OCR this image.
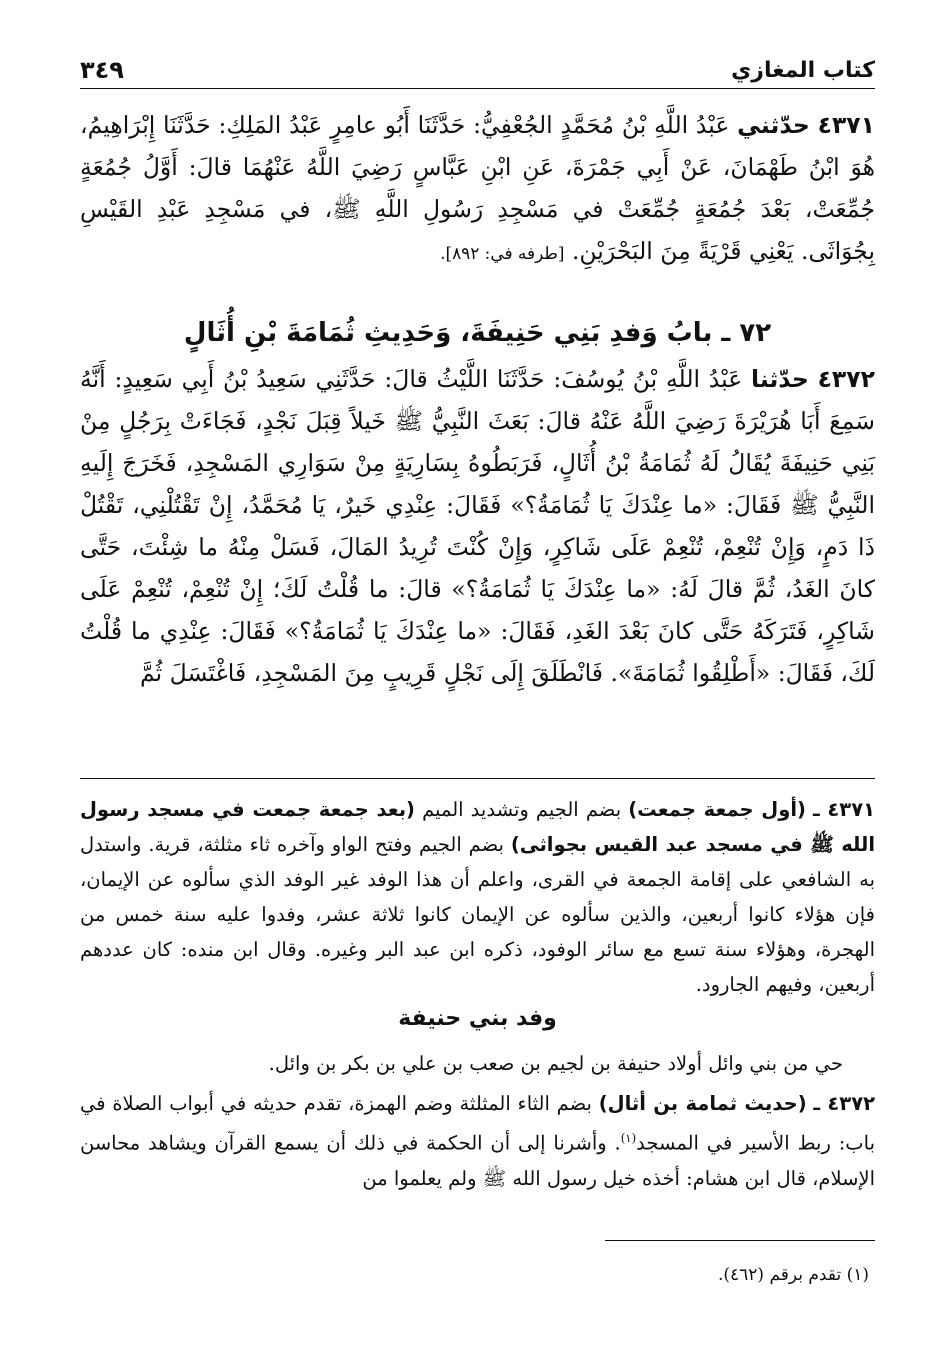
كتاب المغازي
٣٤٩

٤٣٧١ حدّثني عَبْدُ اللَّهِ بْنُ مُحَمَّدٍ الجُعْفِيُّ: حَدَّثَنَا أَبُو عامِرٍ عَبْدُ المَلِكِ: حَدَّثَنَا إِبْرَاهِيمُ، هُوَ ابْنُ طَهْمَانَ، عَنْ أَبِي جَمْرَةَ، عَنِ ابْنِ عَبَّاسٍ رَضِيَ اللَّهُ عَنْهُمَا قالَ: أَوَّلُ جُمُعَةٍ جُمِّعَتْ، بَعْدَ جُمُعَةٍ جُمِّعَتْ في مَسْجِدِ رَسُولِ اللَّهِ ﷺ، في مَسْجِدِ عَبْدِ القَيْسِ بِجُوَاثَى. يَعْنِي قَرْيَةً مِنَ البَحْرَيْنِ. [طرفه في: ٨٩٢].

٧٢ ـ بابُ وَفدِ بَنِي حَنِيفَةَ، وَحَدِيثِ ثُمَامَةَ بْنِ أُثَالٍ

٤٣٧٢ حدّثنا عَبْدُ اللَّهِ بْنُ يُوسُفَ: حَدَّثَنَا اللَّيْثُ قالَ: حَدَّثَنِي سَعِيدُ بْنُ أَبِي سَعِيدٍ: أَنَّهُ سَمِعَ أَبَا هُرَيْرَةَ رَضِيَ اللَّهُ عَنْهُ قالَ: بَعَثَ النَّبِيُّ ﷺ خَيلاً قِبَلَ نَجْدٍ، فَجَاءَتْ بِرَجُلٍ مِنْ بَنِي حَنِيفَةَ يُقَالُ لَهُ ثُمَامَةُ بْنُ أُثَالٍ، فَرَبَطُوهُ بِسَارِيَةٍ مِنْ سَوَارِي المَسْجِدِ، فَخَرَجَ إِلَيهِ النَّبِيُّ ﷺ فَقَالَ: «ما عِنْدَكَ يَا ثُمَامَةُ؟» فَقَالَ: عِنْدِي خَيرٌ، يَا مُحَمَّدُ، إِنْ تَقْتُلْنِي، تَقْتُلْ ذَا دَمٍ، وَإِنْ تُنْعِمْ، تُنْعِمْ عَلَى شَاكِرٍ، وَإِنْ كُنْتَ تُرِيدُ المَالَ، فَسَلْ مِنْهُ ما شِئْتَ، حَتَّى كانَ الغَدُ، ثُمَّ قالَ لَهُ: «ما عِنْدَكَ يَا ثُمَامَةُ؟» قالَ: ما قُلْتُ لَكَ؛ إِنْ تُنْعِمْ، تُنْعِمْ عَلَى شَاكِرٍ، فَتَرَكَهُ حَتَّى كانَ بَعْدَ الغَدِ، فَقَالَ: «ما عِنْدَكَ يَا ثُمَامَةُ؟» فَقَالَ: عِنْدِي ما قُلْتُ لَكَ، فَقَالَ: «أَطْلِقُوا ثُمَامَةَ». فَانْطَلَقَ إِلَى نَجْلٍ قَرِيبٍ مِنَ المَسْجِدِ، فَاغْتَسَلَ ثُمَّ

٤٣٧١ ـ (أول جمعة جمعت) بضم الجيم وتشديد الميم (بعد جمعة جمعت في مسجد رسول الله ﷺ في مسجد عبد القيس بجواثى) بضم الجيم وفتح الواو وآخره ثاء مثلثة، قرية. واستدل به الشافعي على إقامة الجمعة في القرى، واعلم أن هذا الوفد غير الوفد الذي سألوه عن الإيمان، فإن هؤلاء كانوا أربعين، والذين سألوه عن الإيمان كانوا ثلاثة عشر، وفدوا عليه سنة خمس من الهجرة، وهؤلاء سنة تسع مع سائر الوفود، ذكره ابن عبد البر وغيره. وقال ابن منده: كان عددهم أربعين، وفيهم الجارود.

وفد بني حنيفة

حي من بني وائل أولاد حنيفة بن لجيم بن صعب بن علي بن بكر بن وائل.

٤٣٧٢ ـ (حديث ثمامة بن أثال) بضم الثاء المثلثة وضم الهمزة، تقدم حديثه في أبواب الصلاة في باب: ربط الأسير في المسجد$^{(١)}$. وأشرنا إلى أن الحكمة في ذلك أن يسمع القرآن ويشاهد محاسن الإسلام، قال ابن هشام: أخذه خيل رسول الله ﷺ ولم يعلموا من

(١) تقدم برقم (٤٦٢).
